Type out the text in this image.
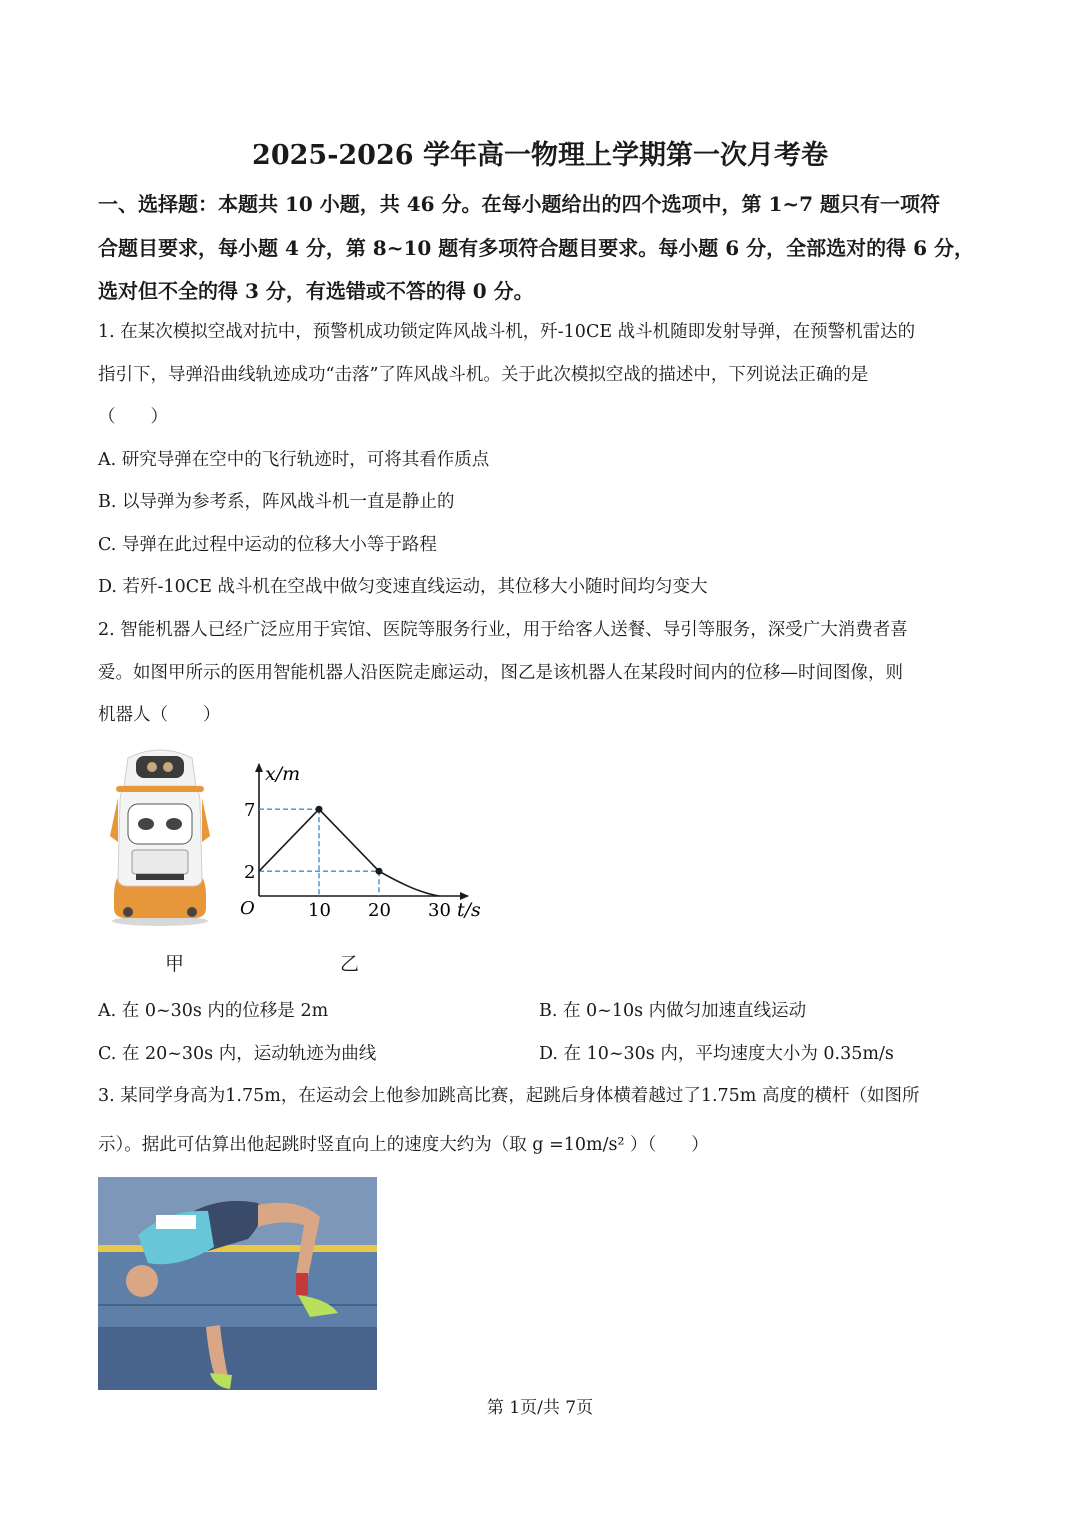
2025-2026 学年高一物理上学期第一次月考卷
一、选择题：本题共 10 小题，共 46 分。在每小题给出的四个选项中，第 1~7 题只有一项符
合题目要求，每小题 4 分，第 8~10 题有多项符合题目要求。每小题 6 分，全部选对的得 6 分，
选对但不全的得 3 分，有选错或不答的得 0 分。
1. 在某次模拟空战对抗中，预警机成功锁定阵风战斗机，歼-10CE 战斗机随即发射导弹，在预警机雷达的
指引下，导弹沿曲线轨迹成功“击落”了阵风战斗机。关于此次模拟空战的描述中，下列说法正确的是
（　　）
A. 研究导弹在空中的飞行轨迹时，可将其看作质点
B. 以导弹为参考系，阵风战斗机一直是静止的
C. 导弹在此过程中运动的位移大小等于路程
D. 若歼-10CE 战斗机在空战中做匀变速直线运动，其位移大小随时间均匀变大
2. 智能机器人已经广泛应用于宾馆、医院等服务行业，用于给客人送餐、导引等服务，深受广大消费者喜
爱。如图甲所示的医用智能机器人沿医院走廊运动，图乙是该机器人在某段时间内的位移—时间图像，则
机器人（　　）
x/m
t/s
O
7
2
10 20 30
甲	乙
A. 在 0~30s 内的位移是 2m	B. 在 0~10s 内做匀加速直线运动
C. 在 20~30s 内，运动轨迹为曲线	D. 在 10~30s 内，平均速度大小为 0.35m/s
3. 某同学身高为1.75m，在运动会上他参加跳高比赛，起跳后身体横着越过了1.75m 高度的横杆（如图所
示）。据此可估算出他起跳时竖直向上的速度大约为（取 g =10m/s² ）（　　）
第 1页/共 7页
